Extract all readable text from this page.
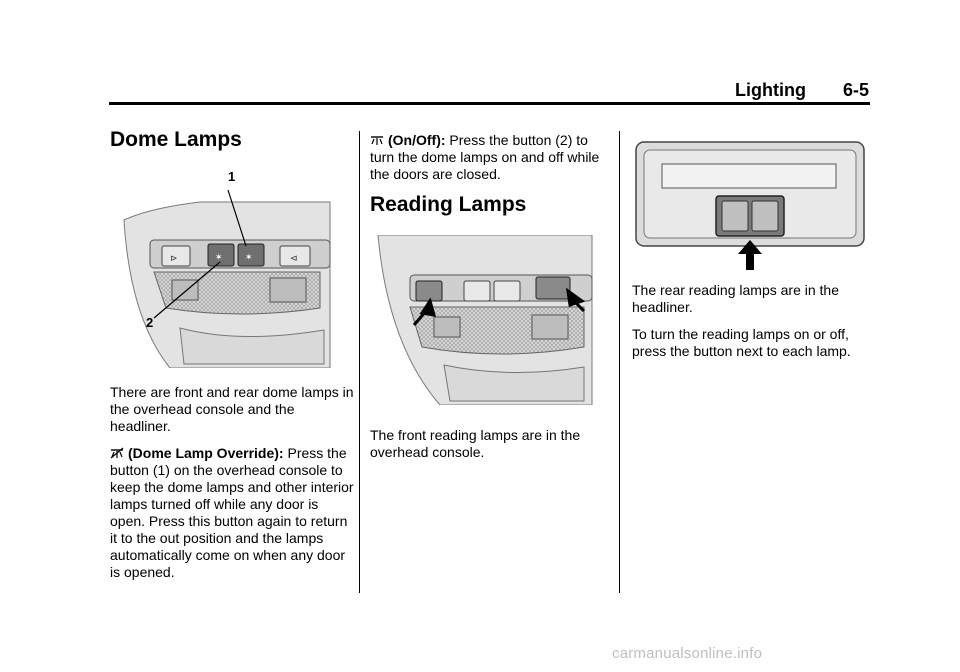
Lighting 6-5
Dome Lamps
⊳	✶ ✶	⊲
1
2

There are front and rear dome lamps in the overhead console and the headliner.

(Dome Lamp Override): Press the button (1) on the overhead console to keep the dome lamps and other interior lamps turned off while any door is open. Press this button again to return it to the out position and the lamps automatically come on when any door is opened.

(On/Off): Press the button (2) to turn the dome lamps on and off while the doors are closed.

Reading Lamps

The front reading lamps are in the overhead console.

The rear reading lamps are in the headliner.

To turn the reading lamps on or off, press the button next to each lamp.

carmanualsonline.info
